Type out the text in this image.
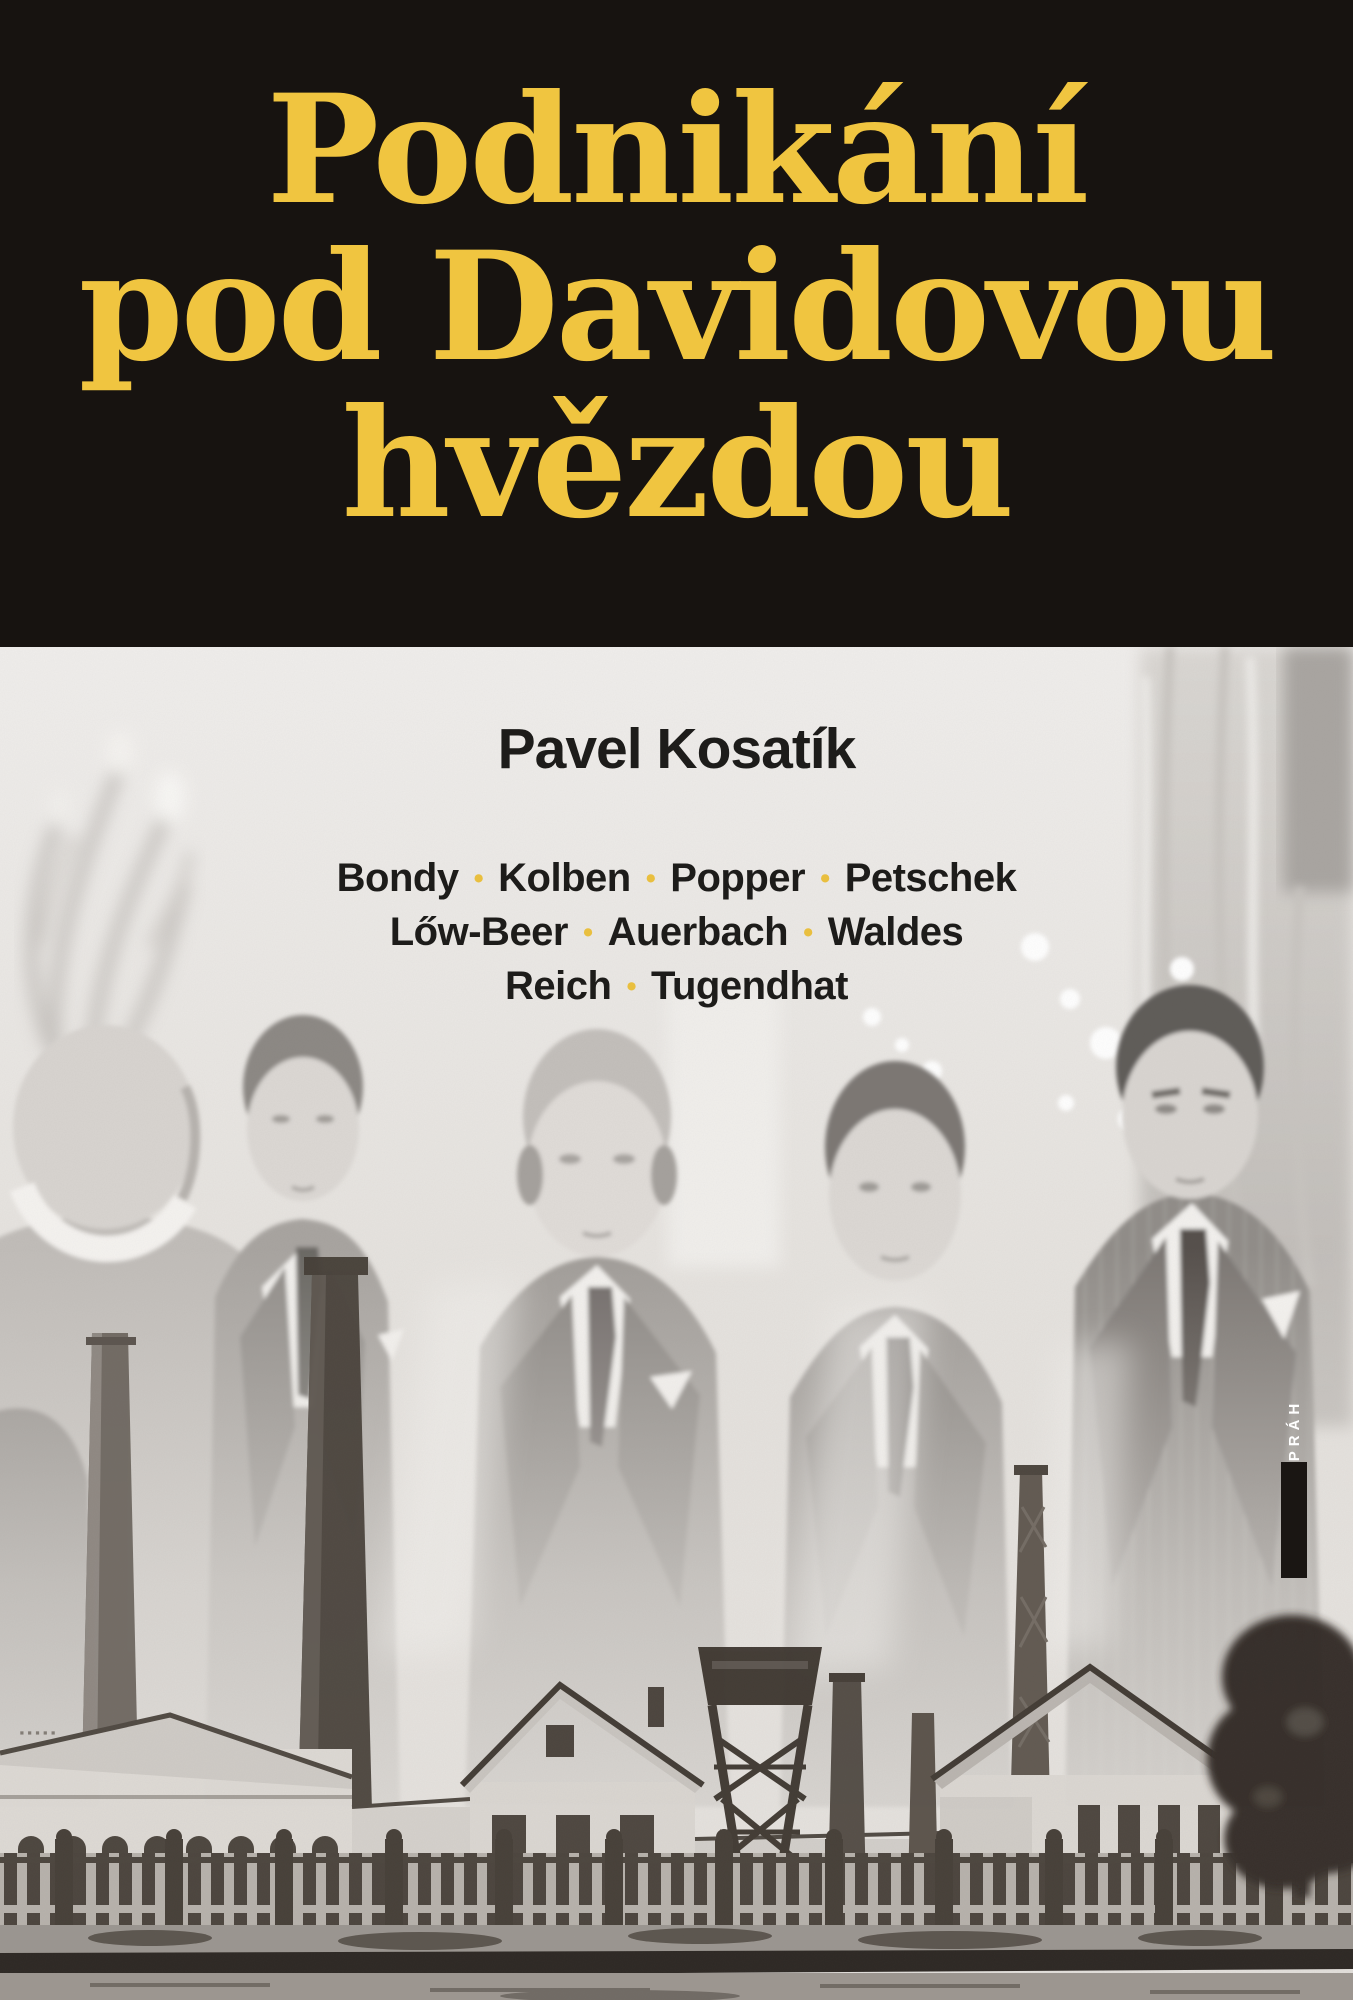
Podnikání
pod Davidovou
hvězdou
Pavel Kosatík
Bondy • Kolben • Popper • Petschek
Lőw-Beer • Auerbach • Waldes
Reich • Tugendhat
PRÁH
